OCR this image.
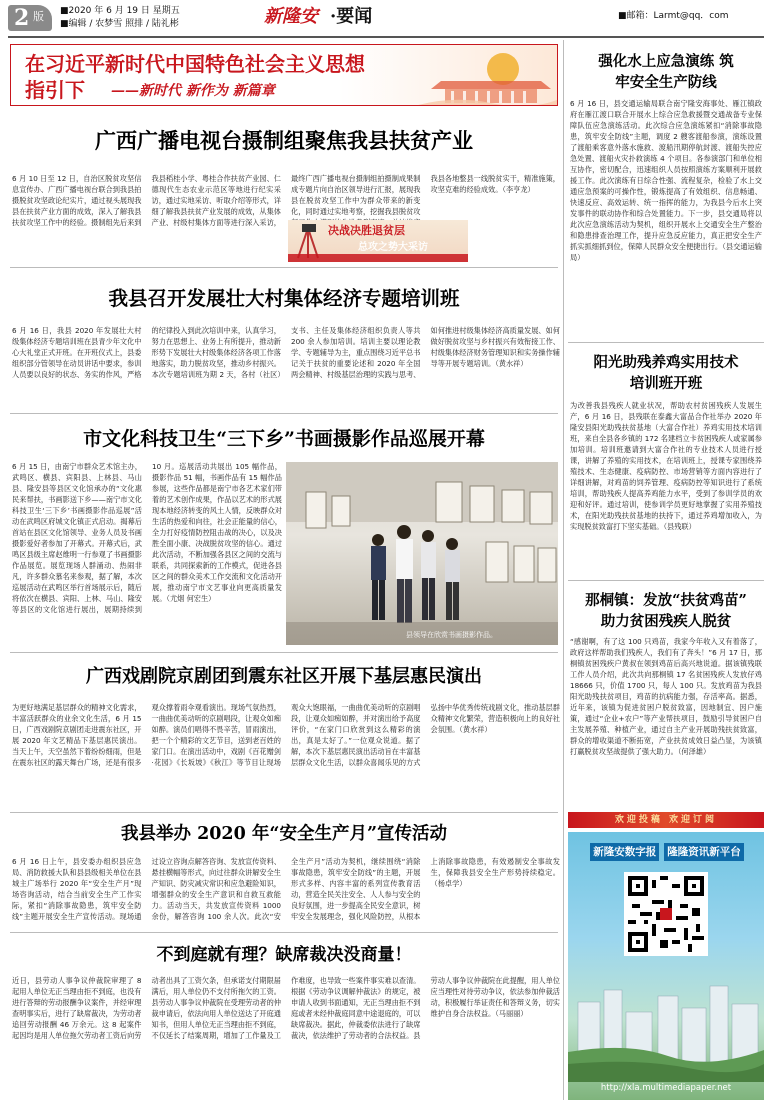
2 版 ■2020 年 6 月 19 日 星期五
■编辑 / 农梦雪 照排 / 陆礼彬	新隆安 ·要闻	■邮箱：Larmt@qq．com
在习近平新时代中国特色社会主义思想
指引下 ——新时代 新作为 新篇章
广西广播电视台摄制组聚焦我县扶贫产业
6 月 10 日至 12 日，自治区脱贫攻坚信息宣传办、广西广播电视台联合到我县拍摄脱贫攻坚政论纪实片，通过视头展现我县在扶贫产业方面的成效，深入了解我县扶贫攻坚工作中的经验。摄制组先后来到我县稻桂小学、粤桂合作扶贫产业园、仁德现代生态农业示范区等地进行纪实采访，通过实地采访、听取介绍等形式，详细了解我县扶贫产业发展的成效，从集体产业、村级村集体方面等进行深入采访，最终广西广播电视台摄制组拍摄制成果制成专题片向自治区领导进行汇报，展现我县在脱贫攻坚工作中为群众带来的新变化，同时通过实地考察，挖掘我县脱贫攻 我县各地整县一线脱贫实干，精准施策，攻坚克难的经验成效。（李亨龙）
决战决胜退贫层
总攻之势大采访
我县召开发展壮大村集体经济专题培训班
6 月 16 日，我县 2020 年发展壮大村级集体经济专题培训班在县青少年文化中心大礼堂正式开班。在开班仪式上，县委组织部分管领导在动员讲话中要求，参训人员要以良好的状态、务实的作风，严格的纪律投入到此次培训中来，认真学习，努力在思想上、业务上有所提升，推动新形势下发展壮大村级集体经济各项工作落地落实，助力脱贫攻坚，推动乡村振兴。本次专题培训班为期 2 天，各村（社区）支书、主任及集体经济组织负责人等共 200 余人参加培训。培训主要以理论教学、专题辅导为主，重点围绕习近平总书记关于扶贫的重要论述和 2020 年全国两会精神、村级基层治理的实践与思考、如何推进村级集体经济高质量发展、如何做好脱贫攻坚与乡村振兴有效衔接工作、村级集体经济财务管理知识和实务操作辅导等开展专题培训。（黄水祥）
市文化科技卫生“三下乡”书画摄影作品巡展开幕
6 月 15 日，由南宁市群众艺术馆主办，武鸣区、横县、宾阳县、上林县、马山县、隆安县等县区文化馆承办的“文化惠民来帮扶，书画影送下乡——南宁市文化科技卫生‘三下乡’书画摄影作品巡展”活动在武鸣区府城文化镇正式启动。揭幕后首站在县区文化馆领导、业务人员及书画摄影爱好者参加了开幕式。开幕式后，武鸣区县级主席赵维明一行参观了书画摄影作品展览。展览现场人群涌动、热闹非凡，许多群众慕名来参观，据了解，本次巡展活动在武鸣区举行首场展示后，随后将依次在横县、宾阳、上林、马山、隆安等县区的文化馆进行展出，展期持续到 10 月。巡展活动共展出 105 幅作品，摄影作品 51 幅，书画作品有 15 幅作品参展，这些作品都是南宁市各艺术家们带着的艺术创作成果，作品以艺术的形式展现本地经济转变的风土人情，反映群众对生活的热爱和向往，社会正能量的信心，全力打好疫情防控阻击战的决心，以及决胜全面小康、决战脱贫攻坚的信心。通过此次活动，不断加强各县区之间的交流与联系，共同探索新的工作模式，促进各县区之间的群众美术工作交流和文化活动开展，推动南宁市文艺事业向更高质量发展。（尤烟 何宏生）
县领导在欣赏书画摄影作品。
广西戏剧院京剧团到震东社区开展下基层惠民演出
为更好地满足基层群众的精神文化需求，丰富活跃群众的业余文化生活，6 月 15 日，广西戏剧院京剧团走进震东社区，开展 2020 年文艺精品下基层惠民演出。当天上午，天空虽然下着纷纷细雨，但是在震东社区的露天舞台广场，还是有很多观众撑着雨伞观看演出。现场气氛热烈，一曲曲优美动听的京剧唱段，让观众如痴如醉。演员们唱得不畏辛苦，冒雨演出，把一个个精彩的文艺节目，送到老百姓的家门口。在演出活动中，戏剧《百花赠剑·花园》《长坂坡》《秋江》等节目让现场观众大饱眼福，一曲曲优美动听的京剧唱段，让观众如痴如醉，并对演出给予高度评价，“在家门口欣赏到这么精彩的演出，真是太好了。”一位观众说道。据了解，本次下基层惠民演出活动旨在丰富基层群众文化生活，以群众喜闻乐见的方式弘扬中华优秀传统戏剧文化，推动基层群众精神文化繁荣，营造积极向上的良好社会氛围。（黄水祥）
我县举办 2020 年“安全生产月”宣传活动
6 月 16 日上午，县安委办组织县应急局、消防救援大队和县县级相关单位在县城主广场举行 2020 年“安全生产月”现场咨询活动，结合当前安全生产工作实际，紧扣“消除事故隐患，筑牢安全防线”主题开展安全生产宣传活动。现场通过设立咨询点解答咨询、发放宣传资料、悬挂横幅等形式，向过往群众讲解安全生产知识、防灾减灾常识和应急避险知识，增强群众的安全生产意识和自救互救能力。活动当天，共发放宣传资料 1000 余份，解答咨询 100 余人次。此次“安全生产月”活动为契机，继续围绕“消除事故隐患，筑牢安全防线”的主题，开展形式多样、内容丰富的系列宣传教育活动，营造全民关注安全、人人参与安全的良好氛围，进一步提高全民安全意识，树牢安全发展理念，强化风险防控，从根本上消除事故隐患，有效遏制安全事故发生，保障我县安全生产形势持续稳定。（杨卓学）
不到庭就有理？缺席裁决没商量！
近日，县劳动人事争议仲裁院审理了 8 起用人单位无正当理由拒不到庭，也没有进行答辩的劳动报酬争议案件，并经审理查明事实后，进行了缺席裁决，为劳动者追回劳动报酬 46 万余元。这 8 起案件起因均是用人单位拖欠劳动者工资后向劳动者出具了工资欠条，但承诺支付期限届满后，用人单位仍不支付所拖欠的工资。县劳动人事争议仲裁院在受理劳动者的仲裁申请后，依法向用人单位送达了开庭通知书，但用人单位无正当理由拒不到庭，不仅延长了结案周期，增加了工作量及工作难度，也导致一些案件事实难以查清。根据《劳动争议调解仲裁法》的规定，被申请人收到书面通知，无正当理由拒不到庭或者未经仲裁庭同意中途退庭的，可以缺席裁决。据此，仲裁委依法进行了缺席裁决，依法维护了劳动者的合法权益。县劳动人事争议仲裁院在此提醒，用人单位应当理性对待劳动争议，依法参加仲裁活动，积极履行举证责任和答辩义务，切实维护自身合法权益。（马丽丽）
强化水上应急演练 筑牢安全生产防线
6 月 16 日，县交通运输局联合南宁隆安海事处、雁江镇政府在雁江渡口联合开展水上综合应急救援暨交通战备专业保障队伍应急演练活动。此次综合应急演练紧扣“消除事故隐患，筑牢安全防线”主题，调度 2 艘客渡船参演，演练设置了渡船乘客意外落水施救、渡船汛期停航封渡、渡船失控应急处置、渡船火灾扑救演练 4 个项目。各参演部门和单位相互协作，密切配合，迅速组织人员按照演练方案顺利开展救援工作。此次演练有日综合性强、流程复杂，检验了水上交通应急预案的可操作性，锻炼提高了有效组织、信息畅通、快速反应、高效运转、统一指挥的能力，为我县今后水上突发事件的联动协作和综合处置能力。下一步，县交通局将以此次应急演练活动为契机，组织开展水上交通安全生产整治和隐患排查治理工作，提升应急反应能力，真正把安全生产抓实抓细抓到位，保障人民群众安全便捷出行。（县交通运输局）
阳光助残养鸡实用技术培训班开班
为改善我县残疾人就业状况，帮助农村贫困残疾人发展生产，6 月 16 日，县残联在泰鑫大富品合作社举办 2020 年隆安县阳光助残扶贫基地（大富合作社）养鸡实用技术培训班，来自全县各乡镇的 172 名建档立卡贫困残疾人或家属参加培训。培训班邀请到大富合作社的专业技术人员进行授课，讲解了养殖的实用技术，在培训班上，授课专家围绕养殖技术、生态健康、疫病防控、市场营销等方面内容进行了详细讲解，对鸡苗的饲养管理、疫病防控等知识进行了系统培训，帮助残疾人提高养鸡能力水平，受到了参训学员的欢迎和好评。通过培训，使参训学员更好地掌握了实用养殖技术，在阳光助残扶贫基地的扶持下，通过养鸡增加收入，为实现脱贫致富打下坚实基础。（县残联）
那桐镇：发放“扶贫鸡苗” 助力贫困残疾人脱贫
“感谢啊，有了这 100 只鸡苗，我家今年收入又有着落了，政府这样帮助我们残疾人，我们有了奔头！”6 月 17 日，那桐镇贫困残疾户黄叔在领到鸡苗后高兴地说道。据该镇残联工作人员介绍，此次共向那桐镇 17 名贫困残疾人发放仔鸡 18666 只，价值 1700 只，每人 100 只。发放鸡苗为我县阳光助残扶贫项目，鸡苗的抗病能力强，存活率高。据悉，近年来，该镇为促进贫困户脱贫致富，因地制宜、因户施策，通过“企业+农户”等产业帮扶项目，鼓励引导贫困户自主发展养殖、种植产业，通过自主产业开展助残扶贫致富，群众的增收渠道不断拓宽，产业扶贫成效日益凸显，为该镇打赢脱贫攻坚战提供了强大助力。（何泽雄）
欢迎投稿 欢迎订阅
新隆安数字报 隆隆资讯新平台
http://xla.multimediapaper.net
